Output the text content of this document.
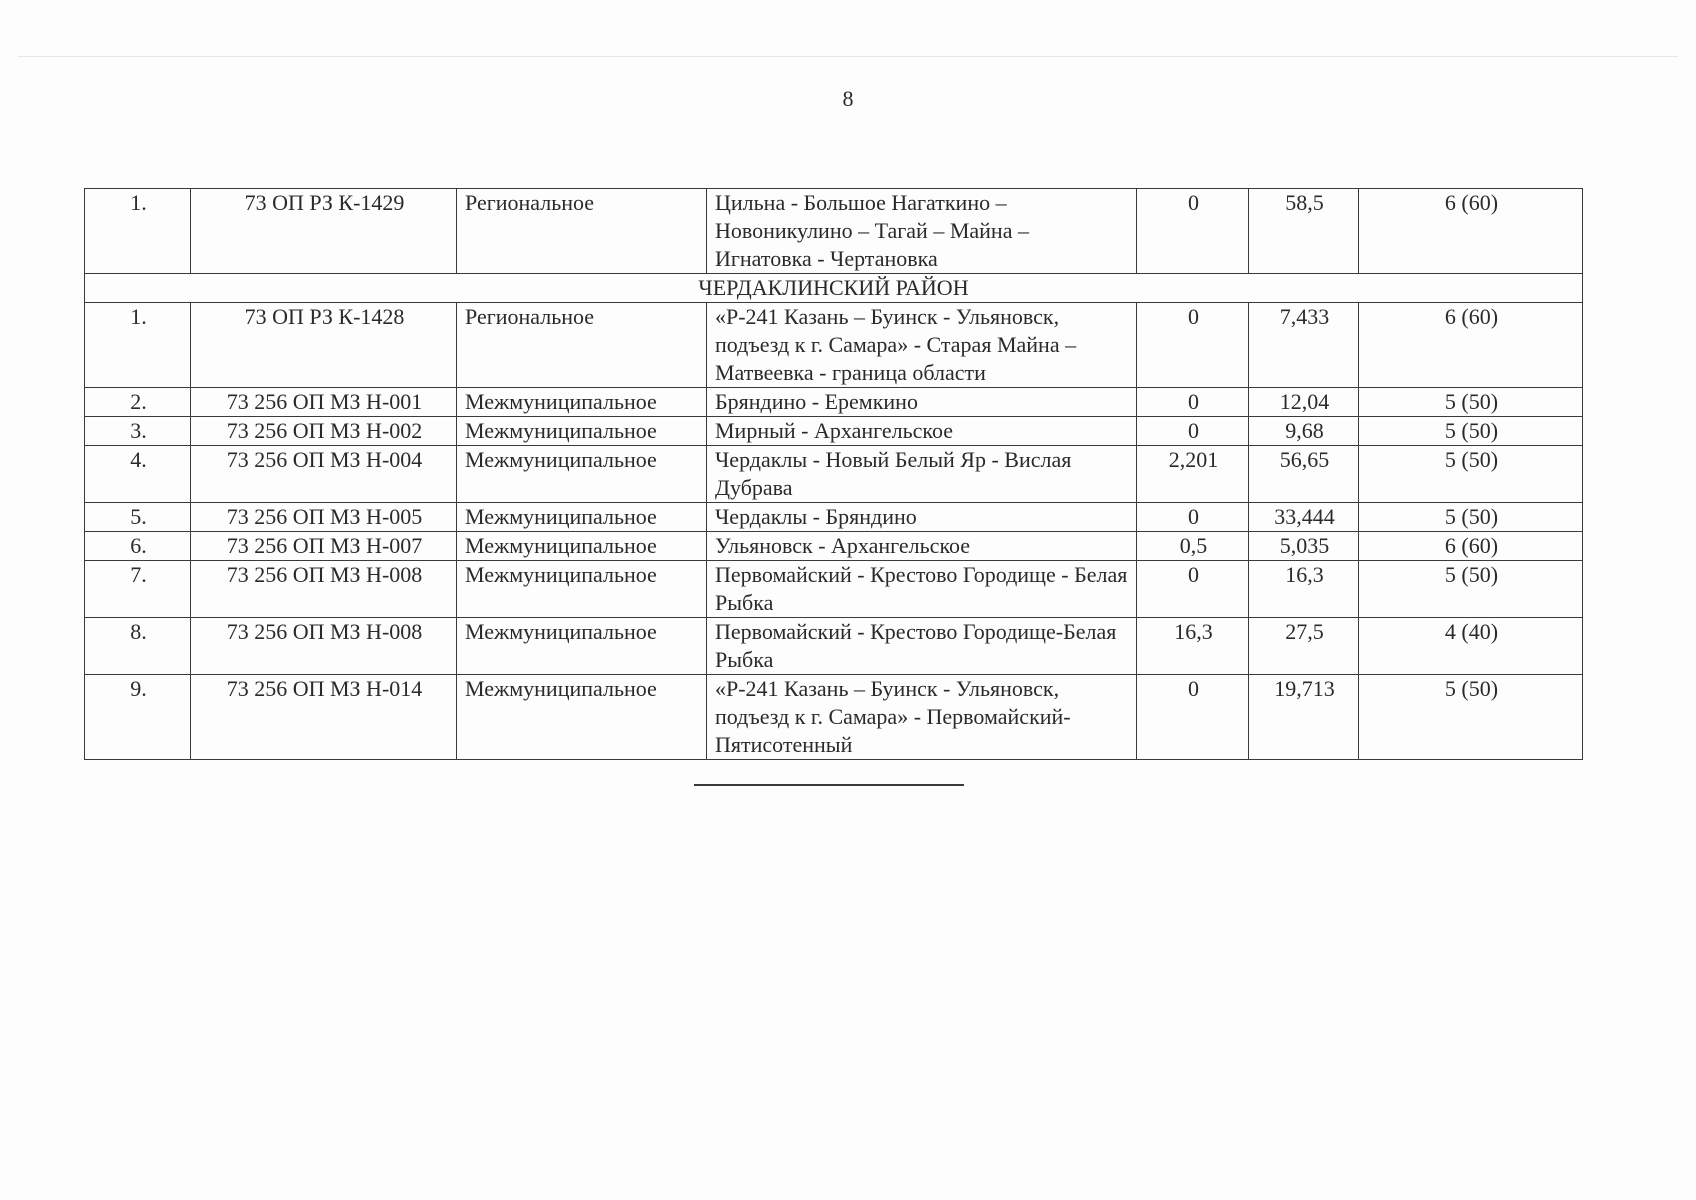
8
1.	73 ОП РЗ К-1429	Региональное	Цильна - Большое Нагаткино – Новоникулино – Тагай – Майна – Игнатовка - Чертановка	0	58,5	6 (60)
ЧЕРДАКЛИНСКИЙ РАЙОН						
1.	73 ОП РЗ К-1428	Региональное	«Р-241 Казань – Буинск - Ульяновск, подъезд к г. Самара» - Старая Майна – Матвеевка - граница области	0	7,433	6 (60)
2.	73 256 ОП МЗ Н-001	Межмуниципальное	Бряндино - Еремкино	0	12,04	5 (50)
3.	73 256 ОП МЗ Н-002	Межмуниципальное	Мирный - Архангельское	0	9,68	5 (50)
4.	73 256 ОП МЗ Н-004	Межмуниципальное	Чердаклы - Новый Белый Яр - Вислая Дубрава	2,201	56,65	5 (50)
5.	73 256 ОП МЗ Н-005	Межмуниципальное	Чердаклы - Бряндино	0	33,444	5 (50)
6.	73 256 ОП МЗ Н-007	Межмуниципальное	Ульяновск - Архангельское	0,5	5,035	6 (60)
7.	73 256 ОП МЗ Н-008	Межмуниципальное	Первомайский - Крестово Городище - Белая Рыбка	0	16,3	5 (50)
8.	73 256 ОП МЗ Н-008	Межмуниципальное	Первомайский - Крестово Городище-Белая Рыбка	16,3	27,5	4 (40)
9.	73 256 ОП МЗ Н-014	Межмуниципальное	«Р-241 Казань – Буинск - Ульяновск, подъезд к г. Самара» - Первомайский-Пятисотенный	0	19,713	5 (50)
